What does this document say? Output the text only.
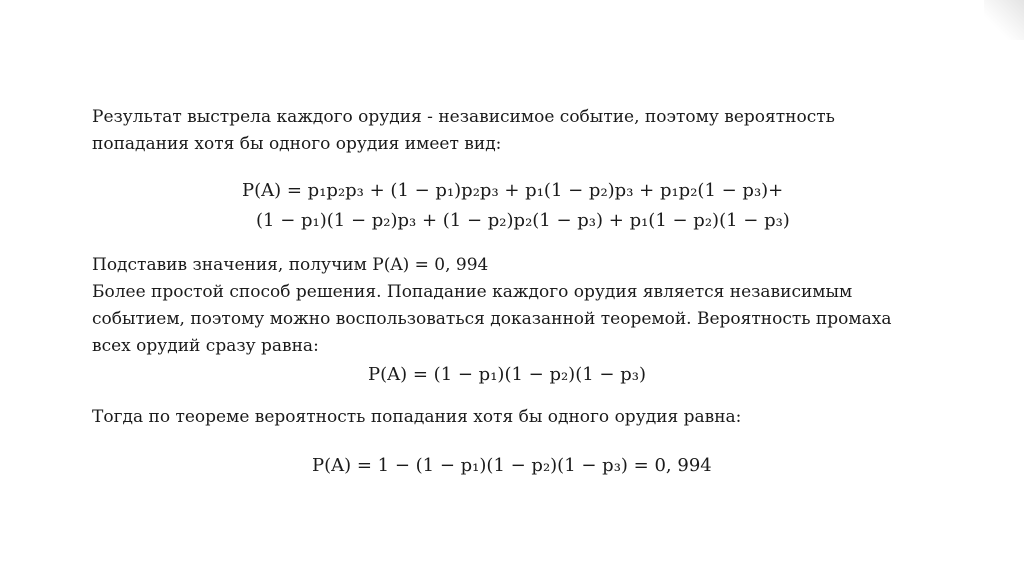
Результат выстрела каждого орудия - независимое событие, поэтому вероятность

попадания хотя бы одного орудия имеет вид:

P(A) = p₁p₂p₃ + (1 − p₁)p₂p₃ + p₁(1 − p₂)p₃ + p₁p₂(1 − p₃)+
(1 − p₁)(1 − p₂)p₃ + (1 − p₂)p₂(1 − p₃) + p₁(1 − p₂)(1 − p₃)

Подставив значения, получим P(A) = 0, 994

Более простой способ решения. Попадание каждого орудия является независимым

событием, поэтому можно воспользоваться доказанной теоремой. Вероятность промаха

всех орудий сразу равна:

P(A) = (1 − p₁)(1 − p₂)(1 − p₃)

Тогда по теореме вероятность попадания хотя бы одного орудия равна:

P(A) = 1 − (1 − p₁)(1 − p₂)(1 − p₃) = 0, 994
